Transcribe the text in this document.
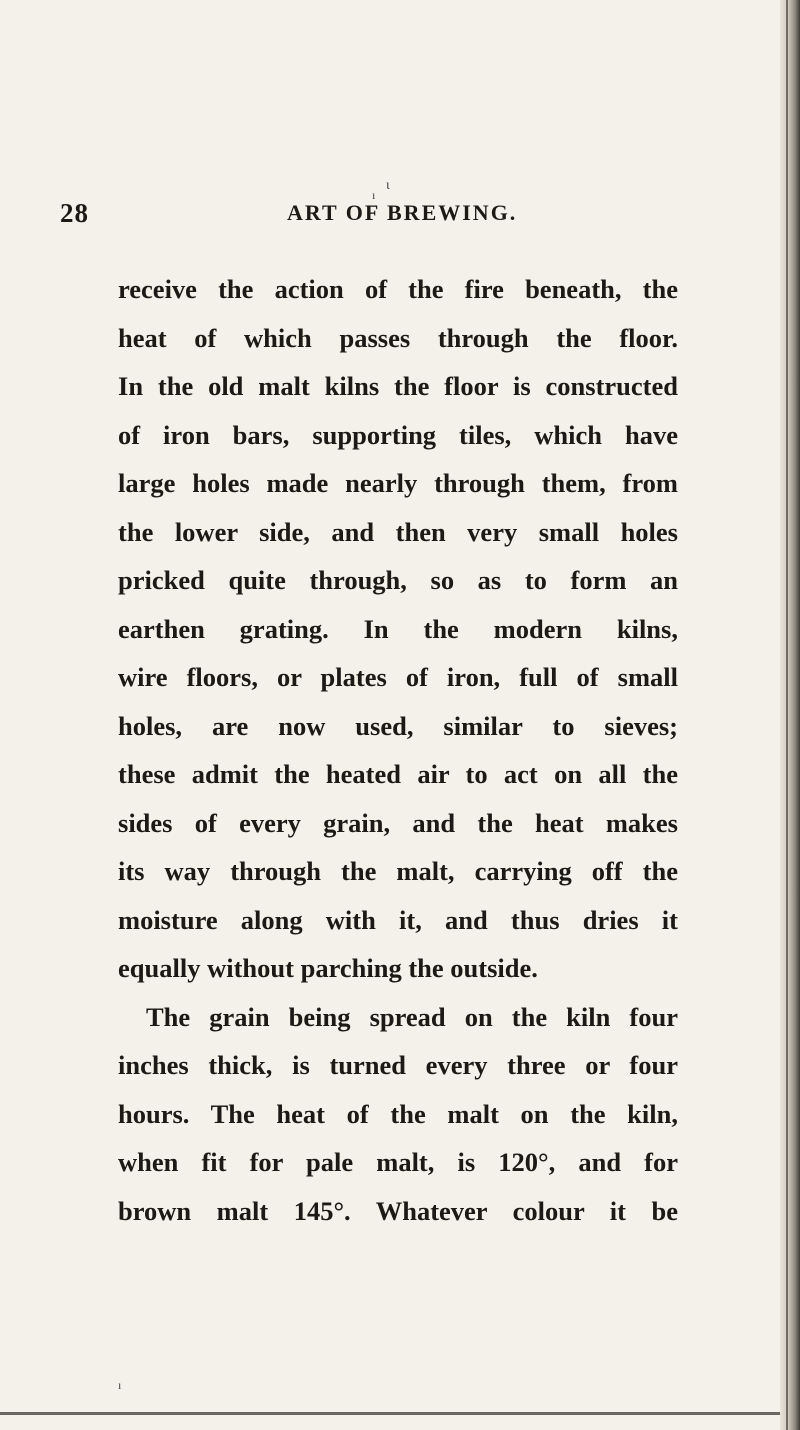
28	ART OF BREWING.
ɩ
ı
receive the action of the fire beneath, the
heat of which passes through the floor.
In the old malt kilns the floor is constructed
of iron bars, supporting tiles, which have
large holes made nearly through them, from
the lower side, and then very small holes
pricked quite through, so as to form an
earthen grating. In the modern kilns,
wire floors, or plates of iron, full of small
holes, are now used, similar to sieves;
these admit the heated air to act on all the
sides of every grain, and the heat makes
its way through the malt, carrying off the
moisture along with it, and thus dries it
equally without parching the outside.
The grain being spread on the kiln four
inches thick, is turned every three or four
hours. The heat of the malt on the kiln,
when fit for pale malt, is 120°, and for
brown malt 145°. Whatever colour it be
ı
